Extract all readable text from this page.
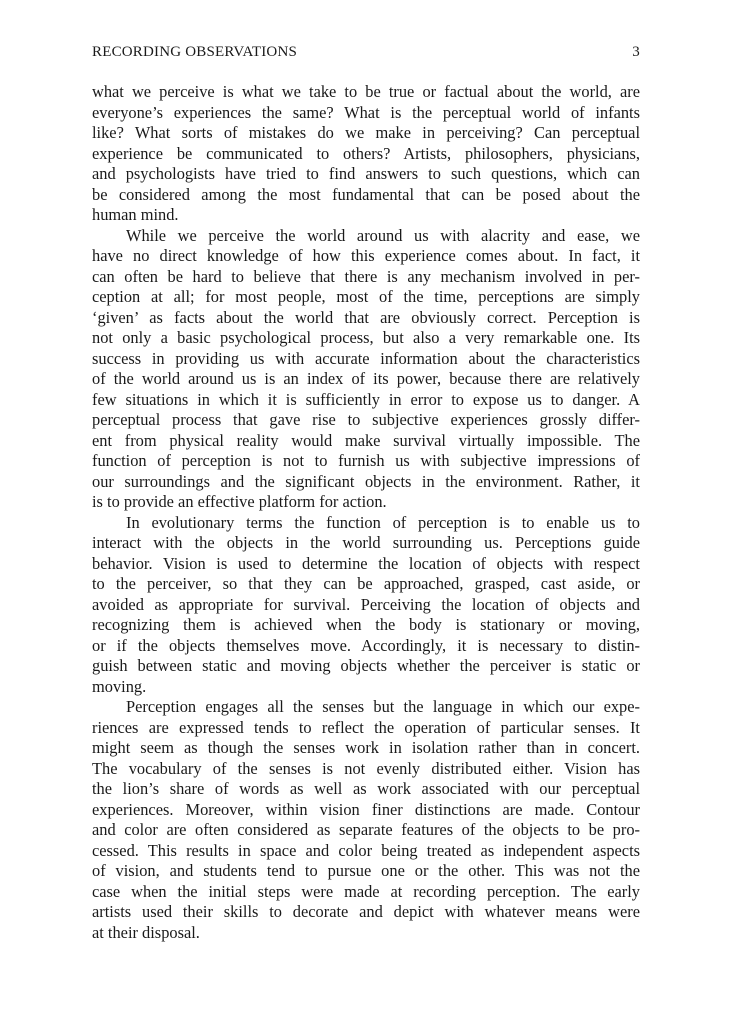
RECORDING OBSERVATIONS	3
what we perceive is what we take to be true or factual about the world, are
everyone’s experiences the same? What is the perceptual world of infants
like? What sorts of mistakes do we make in perceiving? Can perceptual
experience be communicated to others? Artists, philosophers, physicians,
and psychologists have tried to find answers to such questions, which can
be considered among the most fundamental that can be posed about the
human mind.
While we perceive the world around us with alacrity and ease, we
have no direct knowledge of how this experience comes about. In fact, it
can often be hard to believe that there is any mechanism involved in per-
ception at all; for most people, most of the time, perceptions are simply
‘given’ as facts about the world that are obviously correct. Perception is
not only a basic psychological process, but also a very remarkable one. Its
success in providing us with accurate information about the characteristics
of the world around us is an index of its power, because there are relatively
few situations in which it is sufficiently in error to expose us to danger. A
perceptual process that gave rise to subjective experiences grossly differ-
ent from physical reality would make survival virtually impossible. The
function of perception is not to furnish us with subjective impressions of
our surroundings and the significant objects in the environment. Rather, it
is to provide an effective platform for action.
In evolutionary terms the function of perception is to enable us to
interact with the objects in the world surrounding us. Perceptions guide
behavior. Vision is used to determine the location of objects with respect
to the perceiver, so that they can be approached, grasped, cast aside, or
avoided as appropriate for survival. Perceiving the location of objects and
recognizing them is achieved when the body is stationary or moving,
or if the objects themselves move. Accordingly, it is necessary to distin-
guish between static and moving objects whether the perceiver is static or
moving.
Perception engages all the senses but the language in which our expe-
riences are expressed tends to reflect the operation of particular senses. It
might seem as though the senses work in isolation rather than in concert.
The vocabulary of the senses is not evenly distributed either. Vision has
the lion’s share of words as well as work associated with our perceptual
experiences. Moreover, within vision finer distinctions are made. Contour
and color are often considered as separate features of the objects to be pro-
cessed. This results in space and color being treated as independent aspects
of vision, and students tend to pursue one or the other. This was not the
case when the initial steps were made at recording perception. The early
artists used their skills to decorate and depict with whatever means were
at their disposal.
